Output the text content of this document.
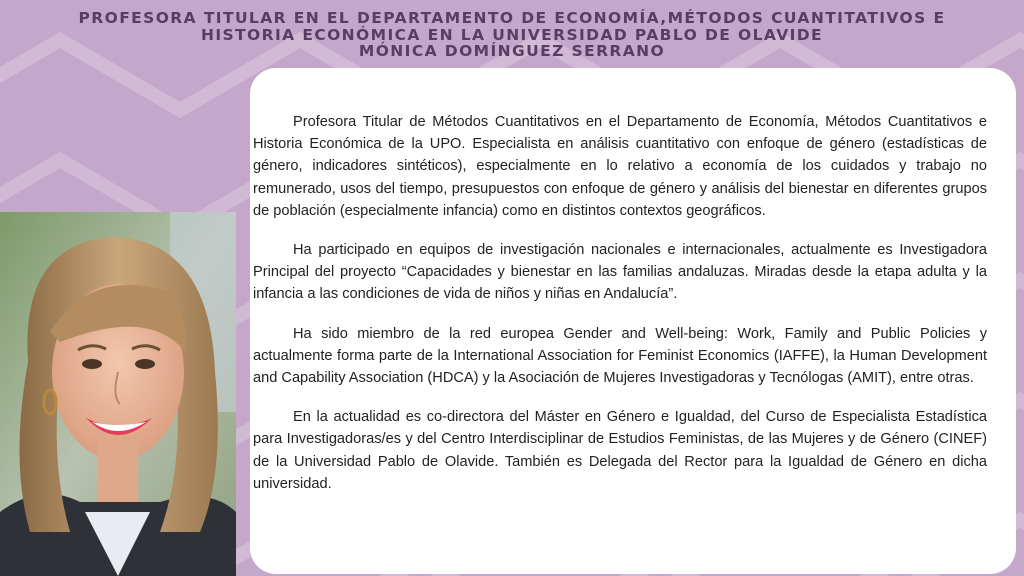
PROFESORA TITULAR EN EL DEPARTAMENTO DE ECONOMÍA,MÉTODOS CUANTITATIVOS E
HISTORIA ECONÓMICA EN LA UNIVERSIDAD PABLO DE OLAVIDE
MÓNICA DOMÍNGUEZ SERRANO

Profesora Titular de Métodos Cuantitativos en el Departamento de Economía, Métodos Cuantitativos e Historia Económica de la UPO. Especialista en análisis cuantitativo con enfoque de género (estadísticas de género, indicadores sintéticos), especialmente en lo relativo a economía de los cuidados y trabajo no remunerado, usos del tiempo, presupuestos con enfoque de género y análisis del bienestar en diferentes grupos de población (especialmente infancia) como en distintos contextos geográficos.

Ha participado en equipos de investigación nacionales e internacionales, actualmente es Investigadora Principal del proyecto “Capacidades y bienestar en las familias andaluzas. Miradas desde la etapa adulta y la infancia a las condiciones de vida de niños y niñas en Andalucía”.

Ha sido miembro de la red europea Gender and Well-being: Work, Family and Public Policies y actualmente forma parte de la International Association for Feminist Economics (IAFFE), la Human Development and Capability Association (HDCA) y la Asociación de Mujeres Investigadoras y Tecnólogas (AMIT), entre otras.

En la actualidad es co-directora del Máster en Género e Igualdad, del Curso de Especialista Estadística para Investigadoras/es y del Centro Interdisciplinar de Estudios Feministas, de las Mujeres y de Género (CINEF) de la Universidad Pablo de Olavide. También es Delegada del Rector para la Igualdad de Género en dicha universidad.
